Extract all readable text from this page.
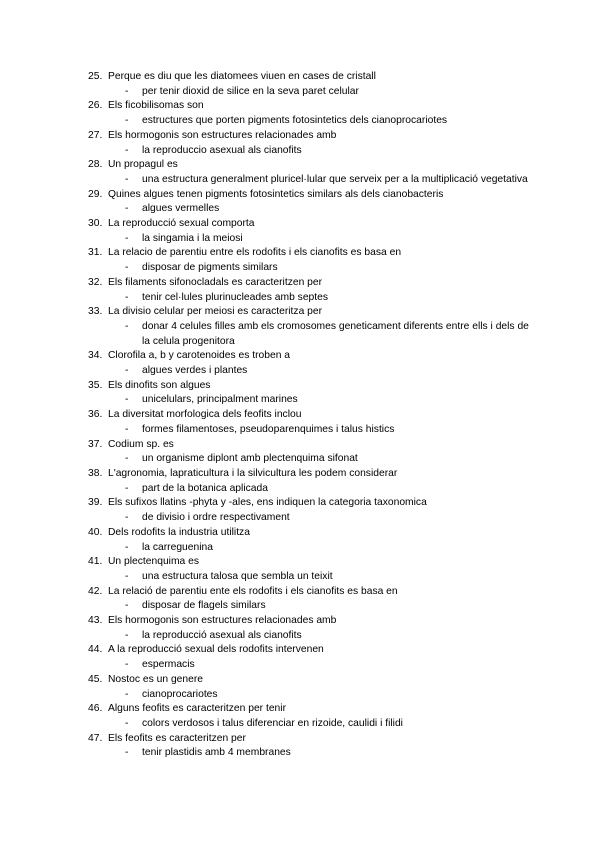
25. Perque es diu que les diatomees viuen en cases de cristall
-	per tenir dioxid de silice en la seva paret celular
26. Els ficobilisomas son
-	estructures que porten pigments fotosintetics dels cianoprocariotes
27. Els hormogonis son estructures relacionades amb
-	la reproduccio asexual als cianofits
28. Un propagul es
-	una estructura generalment pluricel·lular que serveix per a la multiplicació vegetativa
29. Quines algues tenen pigments fotosintetics similars als dels cianobacteris
-	algues vermelles
30. La reproducció sexual comporta
-	la singamia i la meiosi
31. La relacio de parentiu entre els rodofits i els cianofits es basa en
-	disposar de pigments similars
32. Els filaments sifonocladals es caracteritzen per
-	tenir cel·lules plurinucleades amb septes
33. La divisio celular per meiosi es caracteritza per
-	donar 4 celules filles amb els cromosomes geneticament diferents entre ells i dels de la celula progenitora
34. Clorofila a, b y carotenoides es troben a
-	algues verdes i plantes
35. Els dinofits son algues
-	unicelulars, principalment marines
36. La diversitat morfologica dels feofits inclou
-	formes filamentoses, pseudoparenquimes i talus histics
37. Codium sp. es
-	un organisme diplont amb plectenquima sifonat
38. L'agronomia, lapraticultura i la silvicultura les podem considerar
-	part de la botanica aplicada
39. Els sufixos llatins -phyta y -ales, ens indiquen la categoria taxonomica
-	de divisio i ordre respectivament
40. Dels rodofits la industria utilitza
-	la carreguenina
41. Un plectenquima es
-	una estructura talosa que sembla un teixit
42. La relació de parentiu ente els rodofits i els cianofits es basa en
-	disposar de flagels similars
43. Els hormogonis son estructures relacionades amb
-	la reproducció asexual als cianofits
44. A la reproducció sexual dels rodofits intervenen
-	espermacis
45. Nostoc es un genere
-	cianoprocariotes
46. Alguns feofits es caracteritzen per tenir
-	colors verdosos i talus diferenciar en rizoide, caulidi i filidi
47. Els feofits es caracteritzen per
-	tenir plastidis amb 4 membranes
